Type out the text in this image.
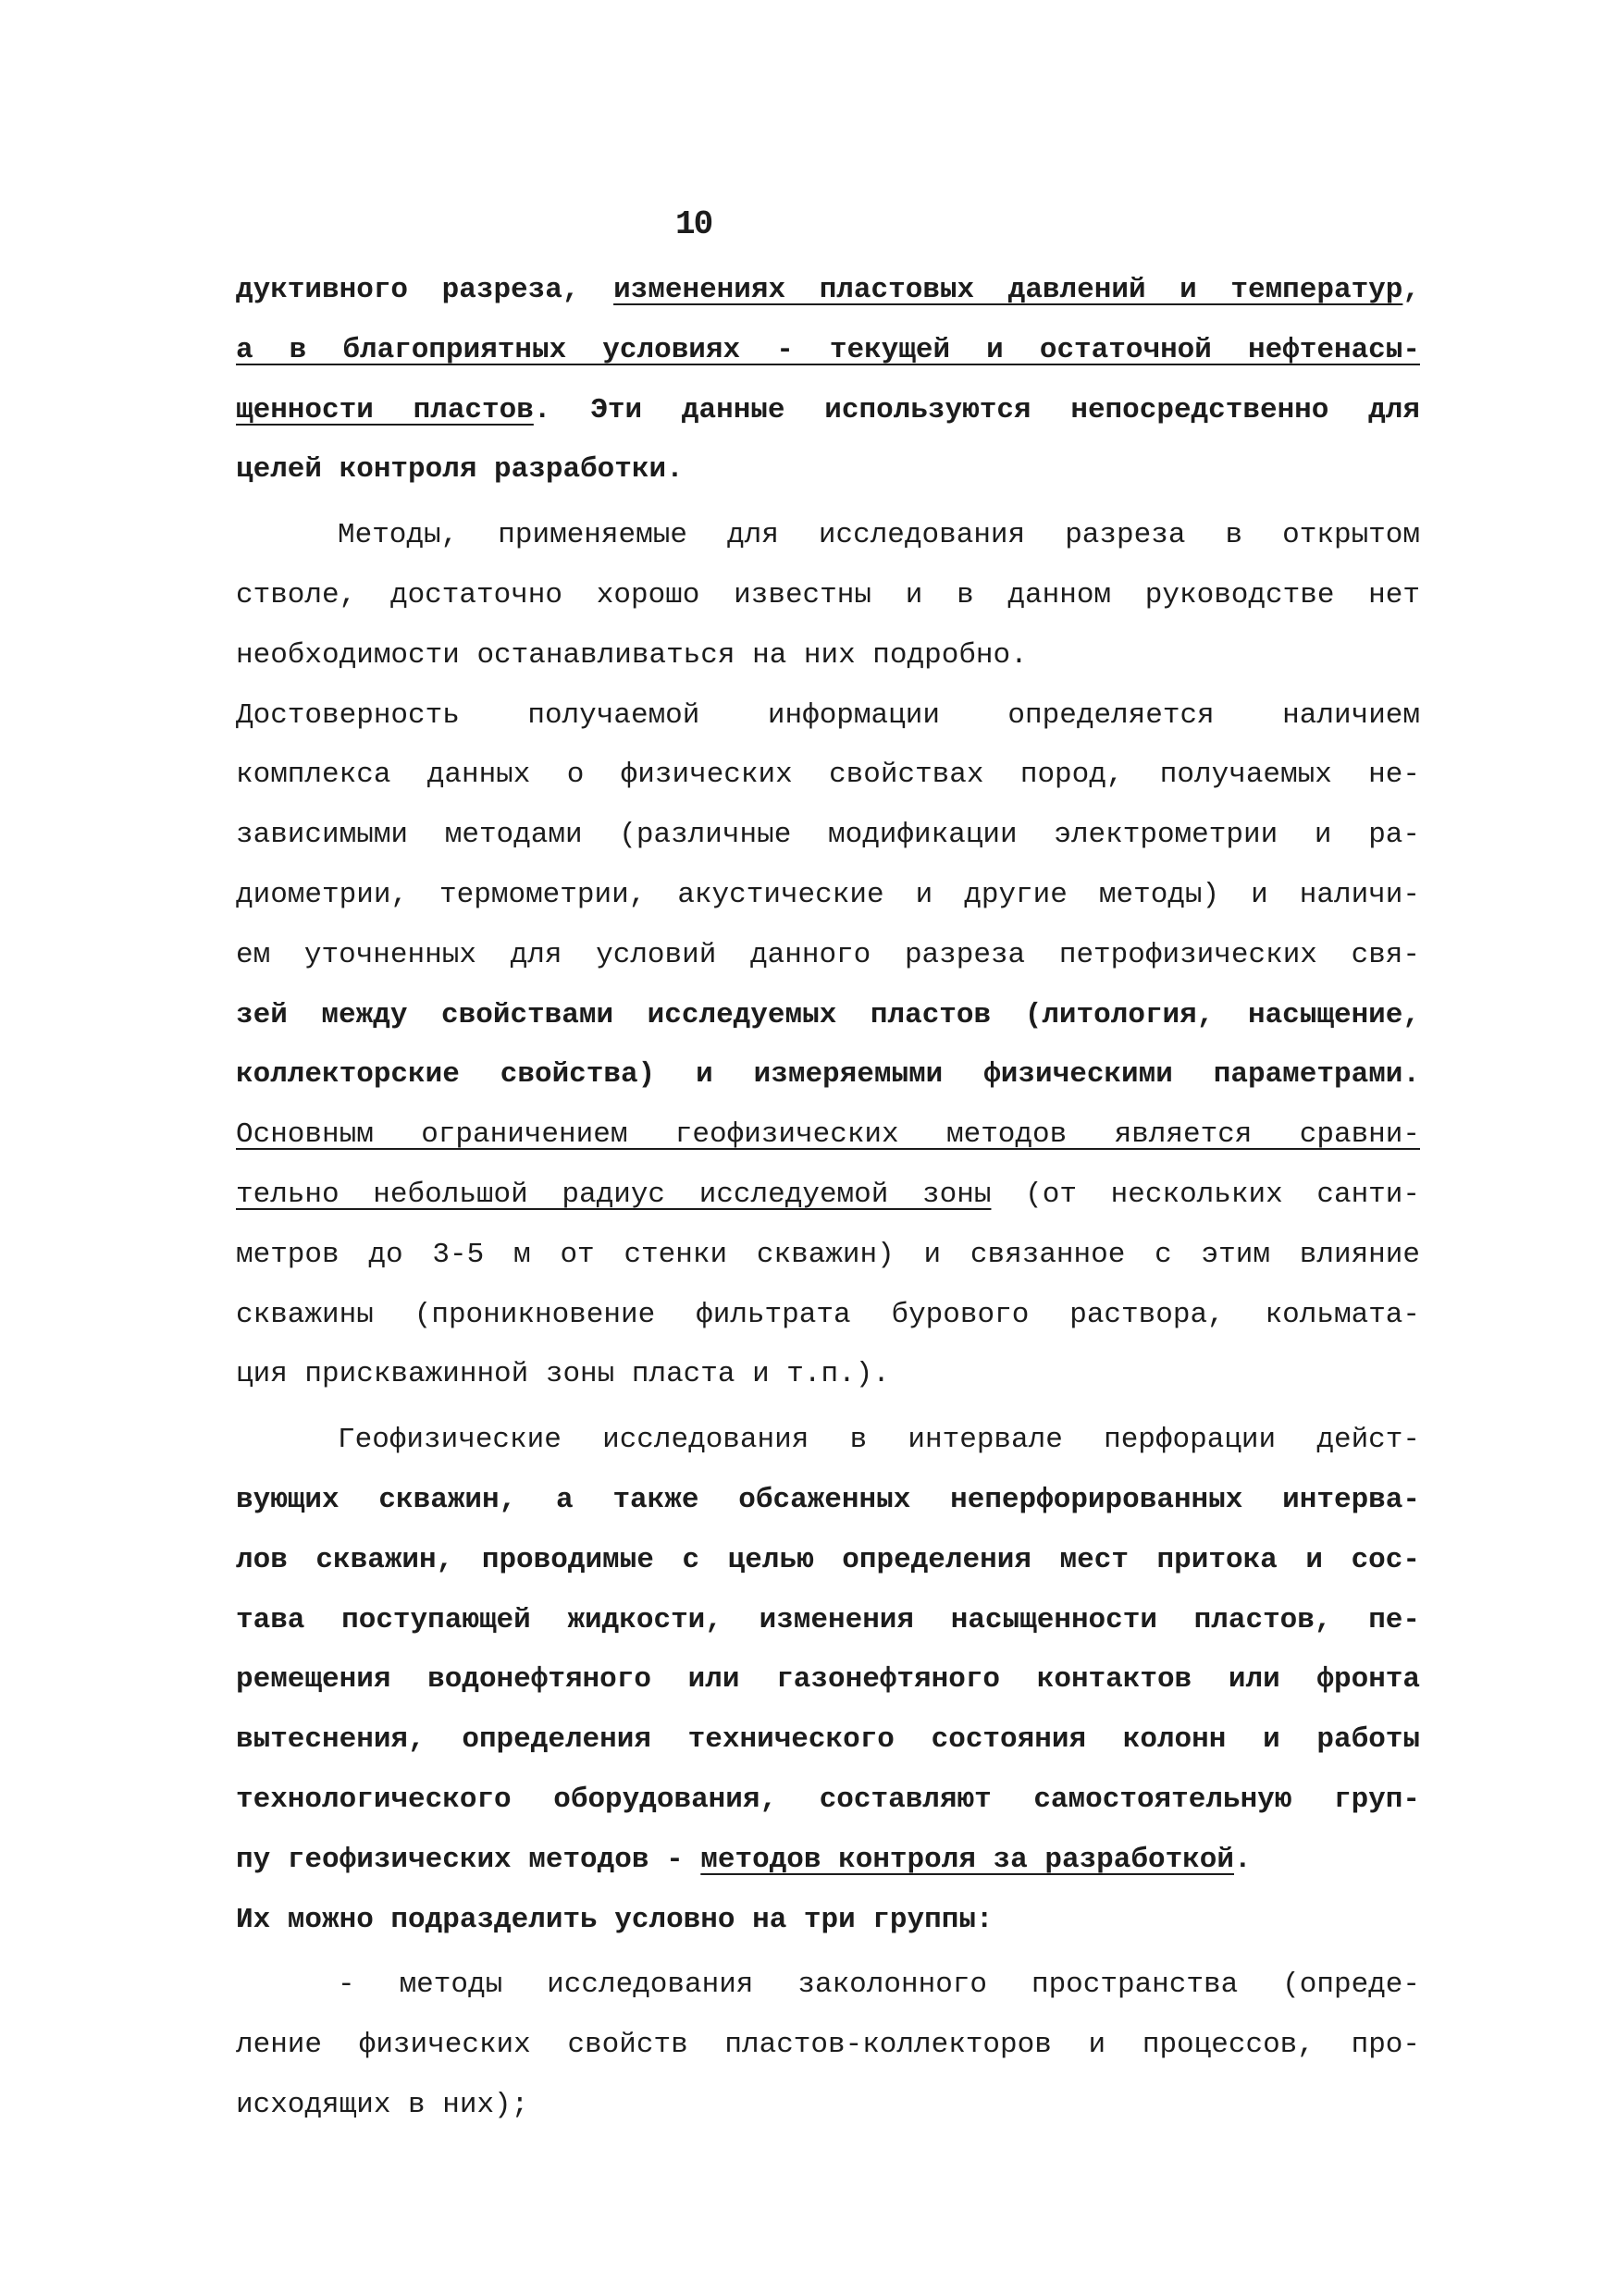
10
дуктивного разреза, изменениях пластовых давлений и температур,
а в благоприятных условиях - текущей и остаточной нефтенасы-
щенности пластов. Эти данные используются непосредственно для
целей контроля разработки.
Методы, применяемые для исследования разреза в открытом
стволе, достаточно хорошо известны и в данном руководстве нет
необходимости останавливаться на них подробно.
Достоверность получаемой информации определяется наличием
комплекса данных о физических свойствах пород, получаемых не-
зависимыми методами (различные модификации электрометрии и ра-
диометрии, термометрии, акустические и другие методы) и наличи-
ем уточненных для условий данного разреза петрофизических свя-
зей между свойствами исследуемых пластов (литология, насыщение,
коллекторские свойства) и измеряемыми физическими параметрами.
Основным ограничением геофизических методов является сравни-
тельно небольшой радиус исследуемой зоны (от нескольких санти-
метров до 3-5 м от стенки скважин) и связанное с этим влияние
скважины (проникновение фильтрата бурового раствора, кольмата-
ция прискважинной зоны пласта и т.п.).
Геофизические исследования в интервале перфорации дейст-
вующих скважин, а также обсаженных неперфорированных интерва-
лов скважин, проводимые с целью определения мест притока и сос-
тава поступающей жидкости, изменения насыщенности пластов, пе-
ремещения водонефтяного или газонефтяного контактов или фронта
вытеснения, определения технического состояния колонн и работы
технологического оборудования, составляют самостоятельную груп-
пу геофизических методов - методов контроля за разработкой.
Их можно подразделить условно на три группы:
- методы исследования заколонного пространства (опреде-
ление физических свойств пластов-коллекторов и процессов, про-
исходящих в них);
